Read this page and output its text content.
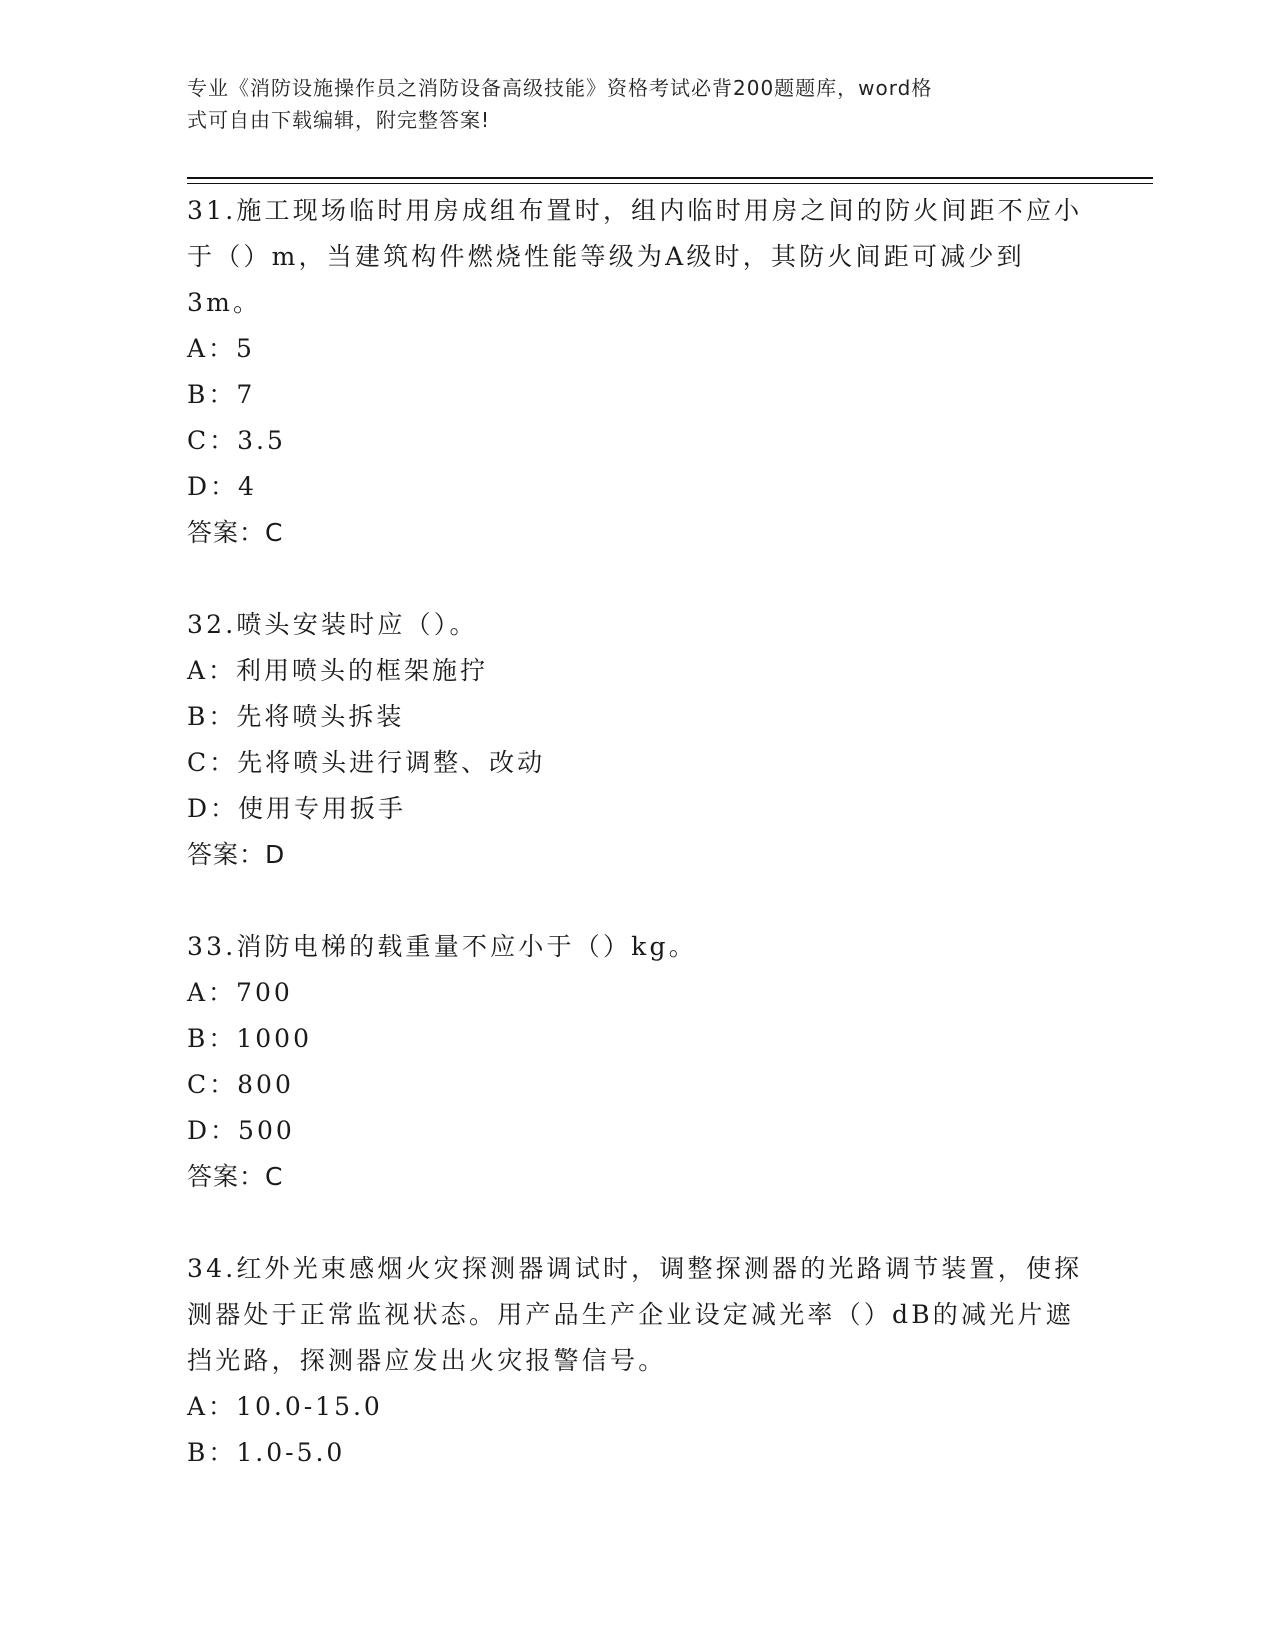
专业《消防设施操作员之消防设备高级技能》资格考试必背200题题库，word格
式可自由下载编辑，附完整答案!

31.施工现场临时用房成组布置时，组内临时用房之间的防火间距不应小于（）m，当建筑构件燃烧性能等级为A级时，其防火间距可减少到3m。

A：5

B：7

C：3.5

D：4

答案：C

32.喷头安装时应（）。

A：利用喷头的框架施拧

B：先将喷头拆装

C：先将喷头进行调整、改动

D：使用专用扳手

答案：D

33.消防电梯的载重量不应小于（）kg。

A：700

B：1000

C：800

D：500

答案：C

34.红外光束感烟火灾探测器调试时，调整探测器的光路调节装置，使探测器处于正常监视状态。用产品生产企业设定减光率（）dB的减光片遮挡光路，探测器应发出火灾报警信号。

A：10.0-15.0

B：1.0-5.0
